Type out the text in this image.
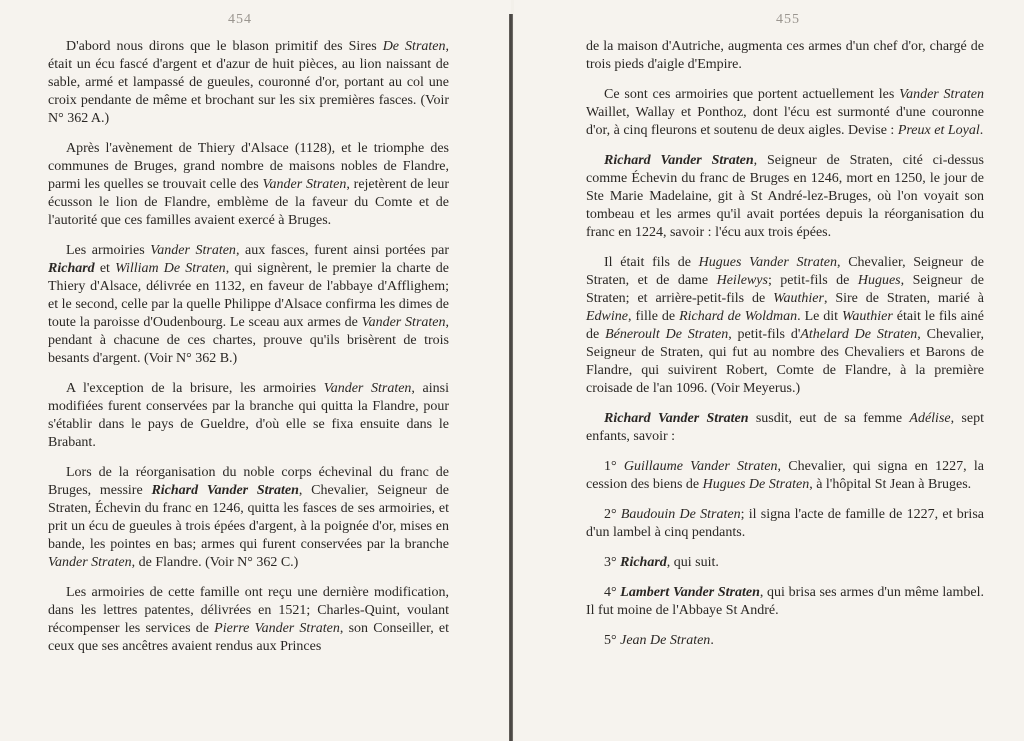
454

D'abord nous dirons que le blason primitif des Sires De Straten, était un écu fascé d'argent et d'azur de huit pièces, au lion naissant de sable, armé et lampassé de gueules, couronné d'or, portant au col une croix pendante de même et brochant sur les six premières fasces. (Voir N° 362 A.)

Après l'avènement de Thiery d'Alsace (1128), et le triomphe des communes de Bruges, grand nombre de maisons nobles de Flandre, parmi les quelles se trouvait celle des Vander Straten, rejetèrent de leur écusson le lion de Flandre, emblème de la faveur du Comte et de l'autorité que ces familles avaient exercé à Bruges.

Les armoiries Vander Straten, aux fasces, furent ainsi portées par Richard et William De Straten, qui signèrent, le premier la charte de Thiery d'Alsace, délivrée en 1132, en faveur de l'abbaye d'Afflighem; et le second, celle par la quelle Philippe d'Alsace confirma les dimes de toute la paroisse d'Oudenbourg. Le sceau aux armes de Vander Straten, pendant à chacune de ces chartes, prouve qu'ils brisèrent de trois besants d'argent. (Voir N° 362 B.)

A l'exception de la brisure, les armoiries Vander Straten, ainsi modifiées furent conservées par la branche qui quitta la Flandre, pour s'établir dans le pays de Gueldre, d'où elle se fixa ensuite dans le Brabant.

Lors de la réorganisation du noble corps échevinal du franc de Bruges, messire Richard Vander Straten, Chevalier, Seigneur de Straten, Échevin du franc en 1246, quitta les fasces de ses armoiries, et prit un écu de gueules à trois épées d'argent, à la poignée d'or, mises en bande, les pointes en bas; armes qui furent conservées par la branche Vander Straten, de Flandre. (Voir N° 362 C.)

Les armoiries de cette famille ont reçu une dernière modification, dans les lettres patentes, délivrées en 1521; Charles-Quint, voulant récompenser les services de Pierre Vander Straten, son Conseiller, et ceux que ses ancêtres avaient rendus aux Princes

455

de la maison d'Autriche, augmenta ces armes d'un chef d'or, chargé de trois pieds d'aigle d'Empire.

Ce sont ces armoiries que portent actuellement les Vander Straten Waillet, Wallay et Ponthoz, dont l'écu est surmonté d'une couronne d'or, à cinq fleurons et soutenu de deux aigles. Devise : Preux et Loyal.

Richard Vander Straten, Seigneur de Straten, cité ci-dessus comme Échevin du franc de Bruges en 1246, mort en 1250, le jour de Ste Marie Madelaine, git à St André-lez-Bruges, où l'on voyait son tombeau et les armes qu'il avait portées depuis la réorganisation du franc en 1224, savoir : l'écu aux trois épées.

Il était fils de Hugues Vander Straten, Chevalier, Seigneur de Straten, et de dame Heilewys; petit-fils de Hugues, Seigneur de Straten; et arrière-petit-fils de Wauthier, Sire de Straten, marié à Edwine, fille de Richard de Woldman. Le dit Wauthier était le fils ainé de Béneroult De Straten, petit-fils d'Athelard De Straten, Chevalier, Seigneur de Straten, qui fut au nombre des Chevaliers et Barons de Flandre, qui suivirent Robert, Comte de Flandre, à la première croisade de l'an 1096. (Voir Meyerus.)

Richard Vander Straten susdit, eut de sa femme Adélise, sept enfants, savoir :

1° Guillaume Vander Straten, Chevalier, qui signa en 1227, la cession des biens de Hugues De Straten, à l'hôpital St Jean à Bruges.

2° Baudouin De Straten; il signa l'acte de famille de 1227, et brisa d'un lambel à cinq pendants.

3° Richard, qui suit.

4° Lambert Vander Straten, qui brisa ses armes d'un même lambel. Il fut moine de l'Abbaye St André.

5° Jean De Straten.
